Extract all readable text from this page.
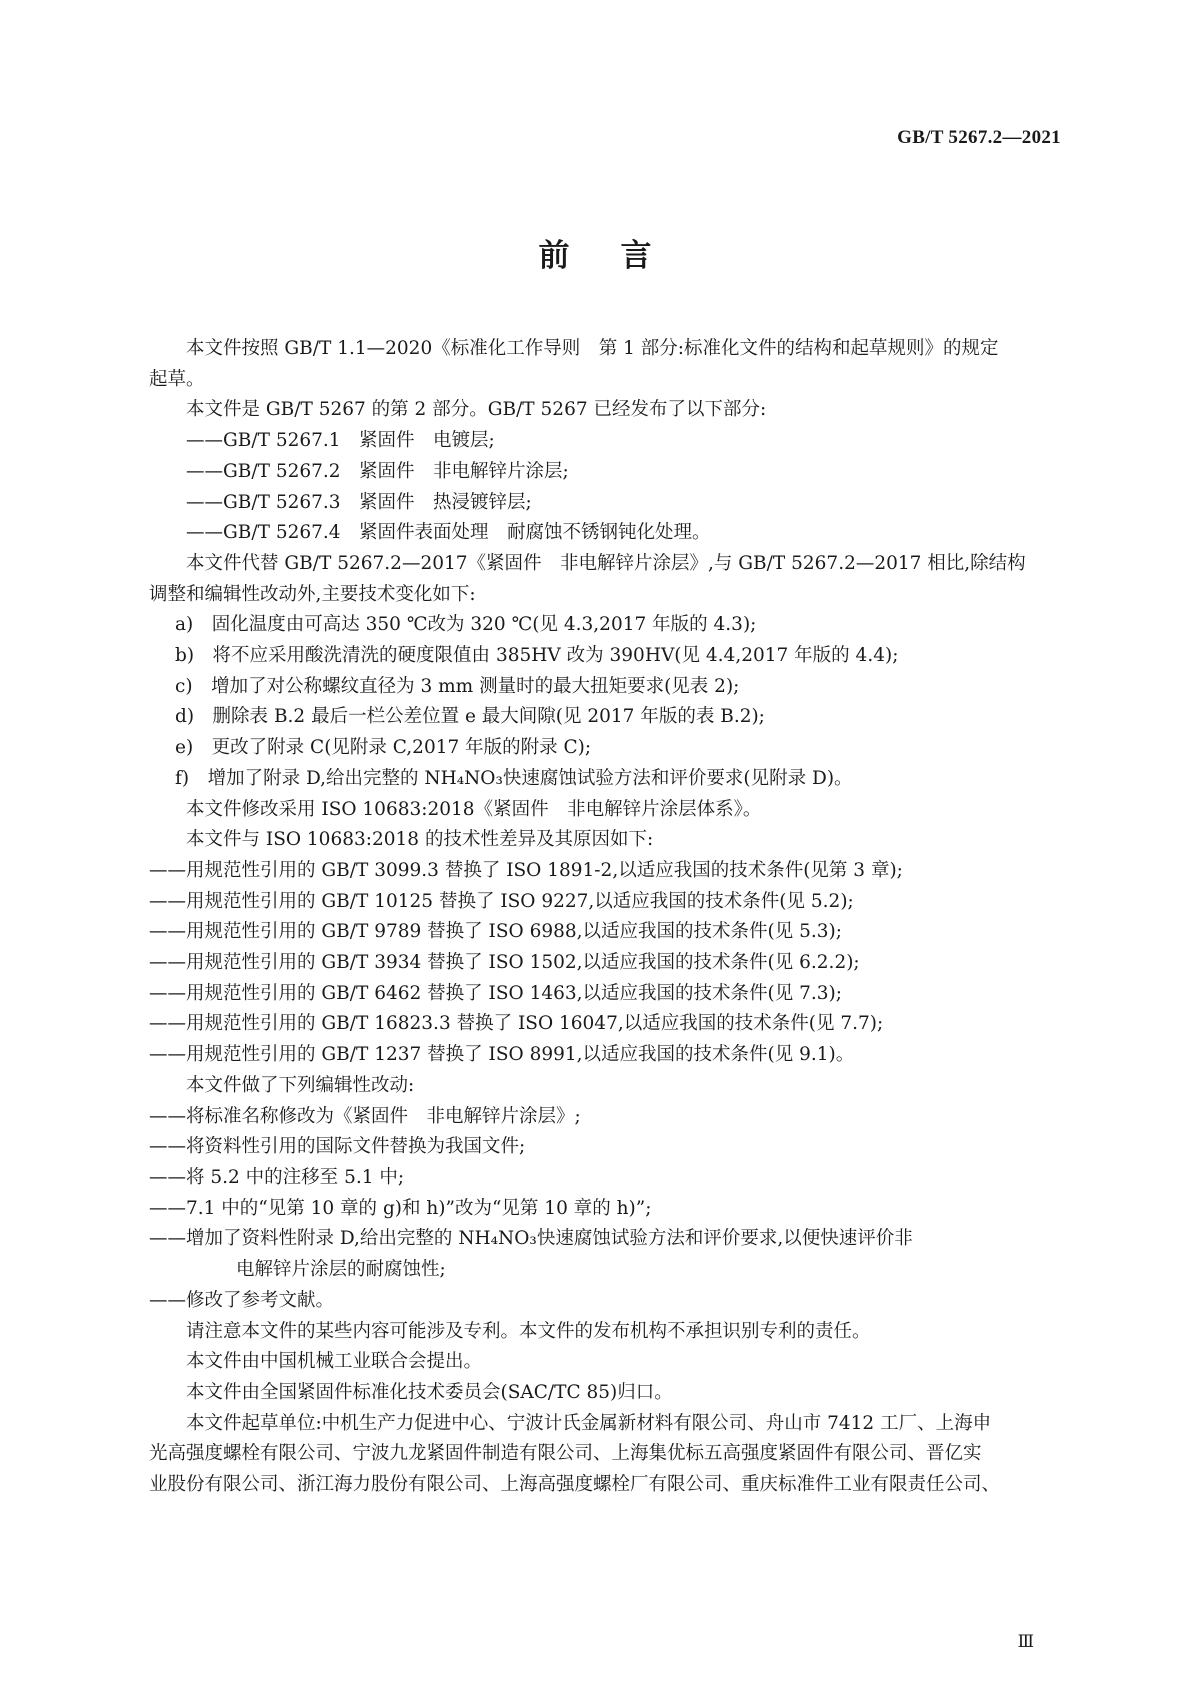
GB/T 5267.2—2021
前 言

本文件按照 GB/T 1.1—2020《标准化工作导则　第 1 部分:标准化文件的结构和起草规则》的规定

起草。

本文件是 GB/T 5267 的第 2 部分。GB/T 5267 已经发布了以下部分:

——GB/T 5267.1　紧固件　电镀层;

——GB/T 5267.2　紧固件　非电解锌片涂层;

——GB/T 5267.3　紧固件　热浸镀锌层;

——GB/T 5267.4　紧固件表面处理　耐腐蚀不锈钢钝化处理。

本文件代替 GB/T 5267.2—2017《紧固件　非电解锌片涂层》,与 GB/T 5267.2—2017 相比,除结构

调整和编辑性改动外,主要技术变化如下:

a)　固化温度由可高达 350 ℃改为 320 ℃(见 4.3,2017 年版的 4.3);

b)　将不应采用酸洗清洗的硬度限值由 385HV 改为 390HV(见 4.4,2017 年版的 4.4);

c)　增加了对公称螺纹直径为 3 mm 测量时的最大扭矩要求(见表 2);

d)　删除表 B.2 最后一栏公差位置 e 最大间隙(见 2017 年版的表 B.2);

e)　更改了附录 C(见附录 C,2017 年版的附录 C);

f)　增加了附录 D,给出完整的 NH₄NO₃快速腐蚀试验方法和评价要求(见附录 D)。

本文件修改采用 ISO 10683:2018《紧固件　非电解锌片涂层体系》。

本文件与 ISO 10683:2018 的技术性差异及其原因如下:

——用规范性引用的 GB/T 3099.3 替换了 ISO 1891-2,以适应我国的技术条件(见第 3 章);

——用规范性引用的 GB/T 10125 替换了 ISO 9227,以适应我国的技术条件(见 5.2);

——用规范性引用的 GB/T 9789 替换了 ISO 6988,以适应我国的技术条件(见 5.3);

——用规范性引用的 GB/T 3934 替换了 ISO 1502,以适应我国的技术条件(见 6.2.2);

——用规范性引用的 GB/T 6462 替换了 ISO 1463,以适应我国的技术条件(见 7.3);

——用规范性引用的 GB/T 16823.3 替换了 ISO 16047,以适应我国的技术条件(见 7.7);

——用规范性引用的 GB/T 1237 替换了 ISO 8991,以适应我国的技术条件(见 9.1)。

本文件做了下列编辑性改动:

——将标准名称修改为《紧固件　非电解锌片涂层》;

——将资料性引用的国际文件替换为我国文件;

——将 5.2 中的注移至 5.1 中;

——7.1 中的“见第 10 章的 g)和 h)”改为“见第 10 章的 h)”;

——增加了资料性附录 D,给出完整的 NH₄NO₃快速腐蚀试验方法和评价要求,以便快速评价非

电解锌片涂层的耐腐蚀性;

——修改了参考文献。

请注意本文件的某些内容可能涉及专利。本文件的发布机构不承担识别专利的责任。

本文件由中国机械工业联合会提出。

本文件由全国紧固件标准化技术委员会(SAC/TC 85)归口。

本文件起草单位:中机生产力促进中心、宁波计氏金属新材料有限公司、舟山市 7412 工厂、上海申

光高强度螺栓有限公司、宁波九龙紧固件制造有限公司、上海集优标五高强度紧固件有限公司、晋亿实

业股份有限公司、浙江海力股份有限公司、上海高强度螺栓厂有限公司、重庆标准件工业有限责任公司、

Ⅲ
